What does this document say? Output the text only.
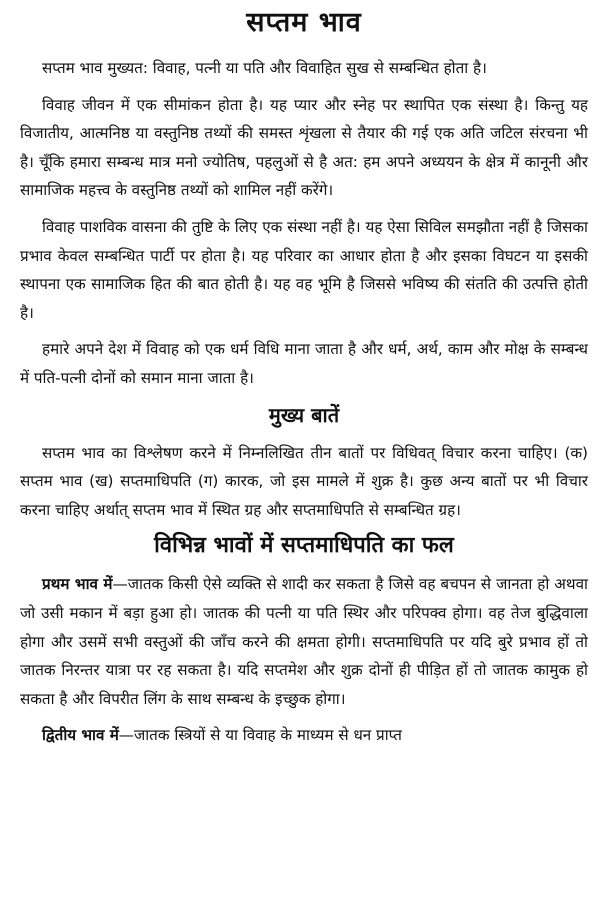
सप्तम भाव

सप्तम भाव मुख्यत: विवाह, पत्नी या पति और विवाहित सुख से सम्बन्धित होता है।

विवाह जीवन में एक सीमांकन होता है। यह प्यार और स्नेह पर स्थापित एक संस्था है। किन्तु यह विजातीय, आत्मनिष्ठ या वस्तुनिष्ठ तथ्यों की समस्त शृंखला से तैयार की गई एक अति जटिल संरचना भी है। चूँकि हमारा सम्बन्ध मात्र मनो ज्योतिष, पहलुओं से है अत: हम अपने अध्ययन के क्षेत्र में कानूनी और सामाजिक महत्त्व के वस्तुनिष्ठ तथ्यों को शामिल नहीं करेंगे।

विवाह पाशविक वासना की तुष्टि के लिए एक संस्था नहीं है। यह ऐसा सिविल समझौता नहीं है जिसका प्रभाव केवल सम्बन्धित पार्टी पर होता है। यह परिवार का आधार होता है और इसका विघटन या इसकी स्थापना एक सामाजिक हित की बात होती है। यह वह भूमि है जिससे भविष्य की संतति की उत्पत्ति होती है।

हमारे अपने देश में विवाह को एक धर्म विधि माना जाता है और धर्म, अर्थ, काम और मोक्ष के सम्बन्ध में पति-पत्नी दोनों को समान माना जाता है।

मुख्य बातें

सप्तम भाव का विश्लेषण करने में निम्नलिखित तीन बातों पर विधिवत् विचार करना चाहिए। (क) सप्तम भाव (ख) सप्तमाधिपति (ग) कारक, जो इस मामले में शुक्र है। कुछ अन्य बातों पर भी विचार करना चाहिए अर्थात् सप्तम भाव में स्थित ग्रह और सप्तमाधिपति से सम्बन्धित ग्रह।

विभिन्न भावों में सप्तमाधिपति का फल

प्रथम भाव में—जातक किसी ऐसे व्यक्ति से शादी कर सकता है जिसे वह बचपन से जानता हो अथवा जो उसी मकान में बड़ा हुआ हो। जातक की पत्नी या पति स्थिर और परिपक्व होगा। वह तेज बुद्धिवाला होगा और उसमें सभी वस्तुओं की जाँच करने की क्षमता होगी। सप्तमाधिपति पर यदि बुरे प्रभाव हों तो जातक निरन्तर यात्रा पर रह सकता है। यदि सप्तमेश और शुक्र दोनों ही पीड़ित हों तो जातक कामुक हो सकता है और विपरीत लिंग के साथ सम्बन्ध के इच्छुक होगा।

द्वितीय भाव में—जातक स्त्रियों से या विवाह के माध्यम से धन प्राप्त
